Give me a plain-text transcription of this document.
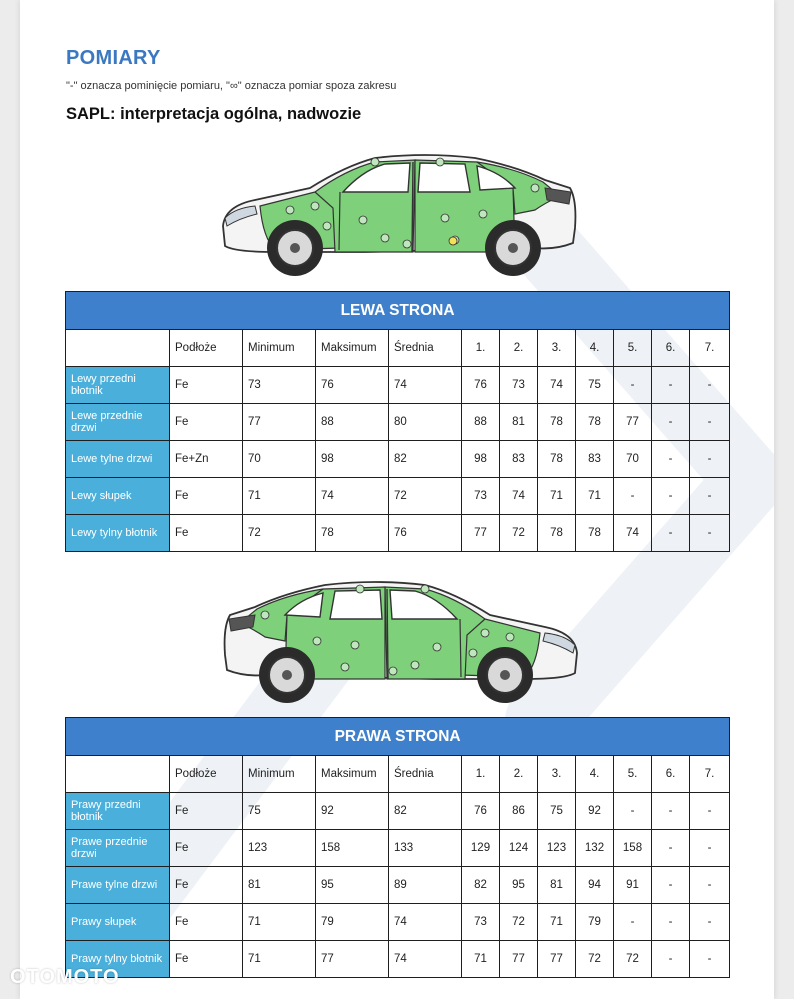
POMIARY
"-" oznacza pominięcie pomiaru, "∞" oznacza pomiar spoza zakresu
SAPL: interpretacja ogólna, nadwozie
LEWA STRONA											
	Podłoże	Minimum	Maksimum	Średnia	1.	2.	3.	4.	5.	6.	7.
Lewy przedni błotnik	Fe	73	76	74	76	73	74	75	-	-	-
Lewe przednie drzwi	Fe	77	88	80	88	81	78	78	77	-	-
Lewe tylne drzwi	Fe+Zn	70	98	82	98	83	78	83	70	-	-
Lewy słupek	Fe	71	74	72	73	74	71	71	-	-	-
Lewy tylny błotnik	Fe	72	78	76	77	72	78	78	74	-	-
PRAWA STRONA											
	Podłoże	Minimum	Maksimum	Średnia	1.	2.	3.	4.	5.	6.	7.
Prawy przedni błotnik	Fe	75	92	82	76	86	75	92	-	-	-
Prawe przednie drzwi	Fe	123	158	133	129	124	123	132	158	-	-
Prawe tylne drzwi	Fe	81	95	89	82	95	81	94	91	-	-
Prawy słupek	Fe	71	79	74	73	72	71	79	-	-	-
Prawy tylny błotnik	Fe	71	77	74	71	77	77	72	72	-	-
OTOMOTO
